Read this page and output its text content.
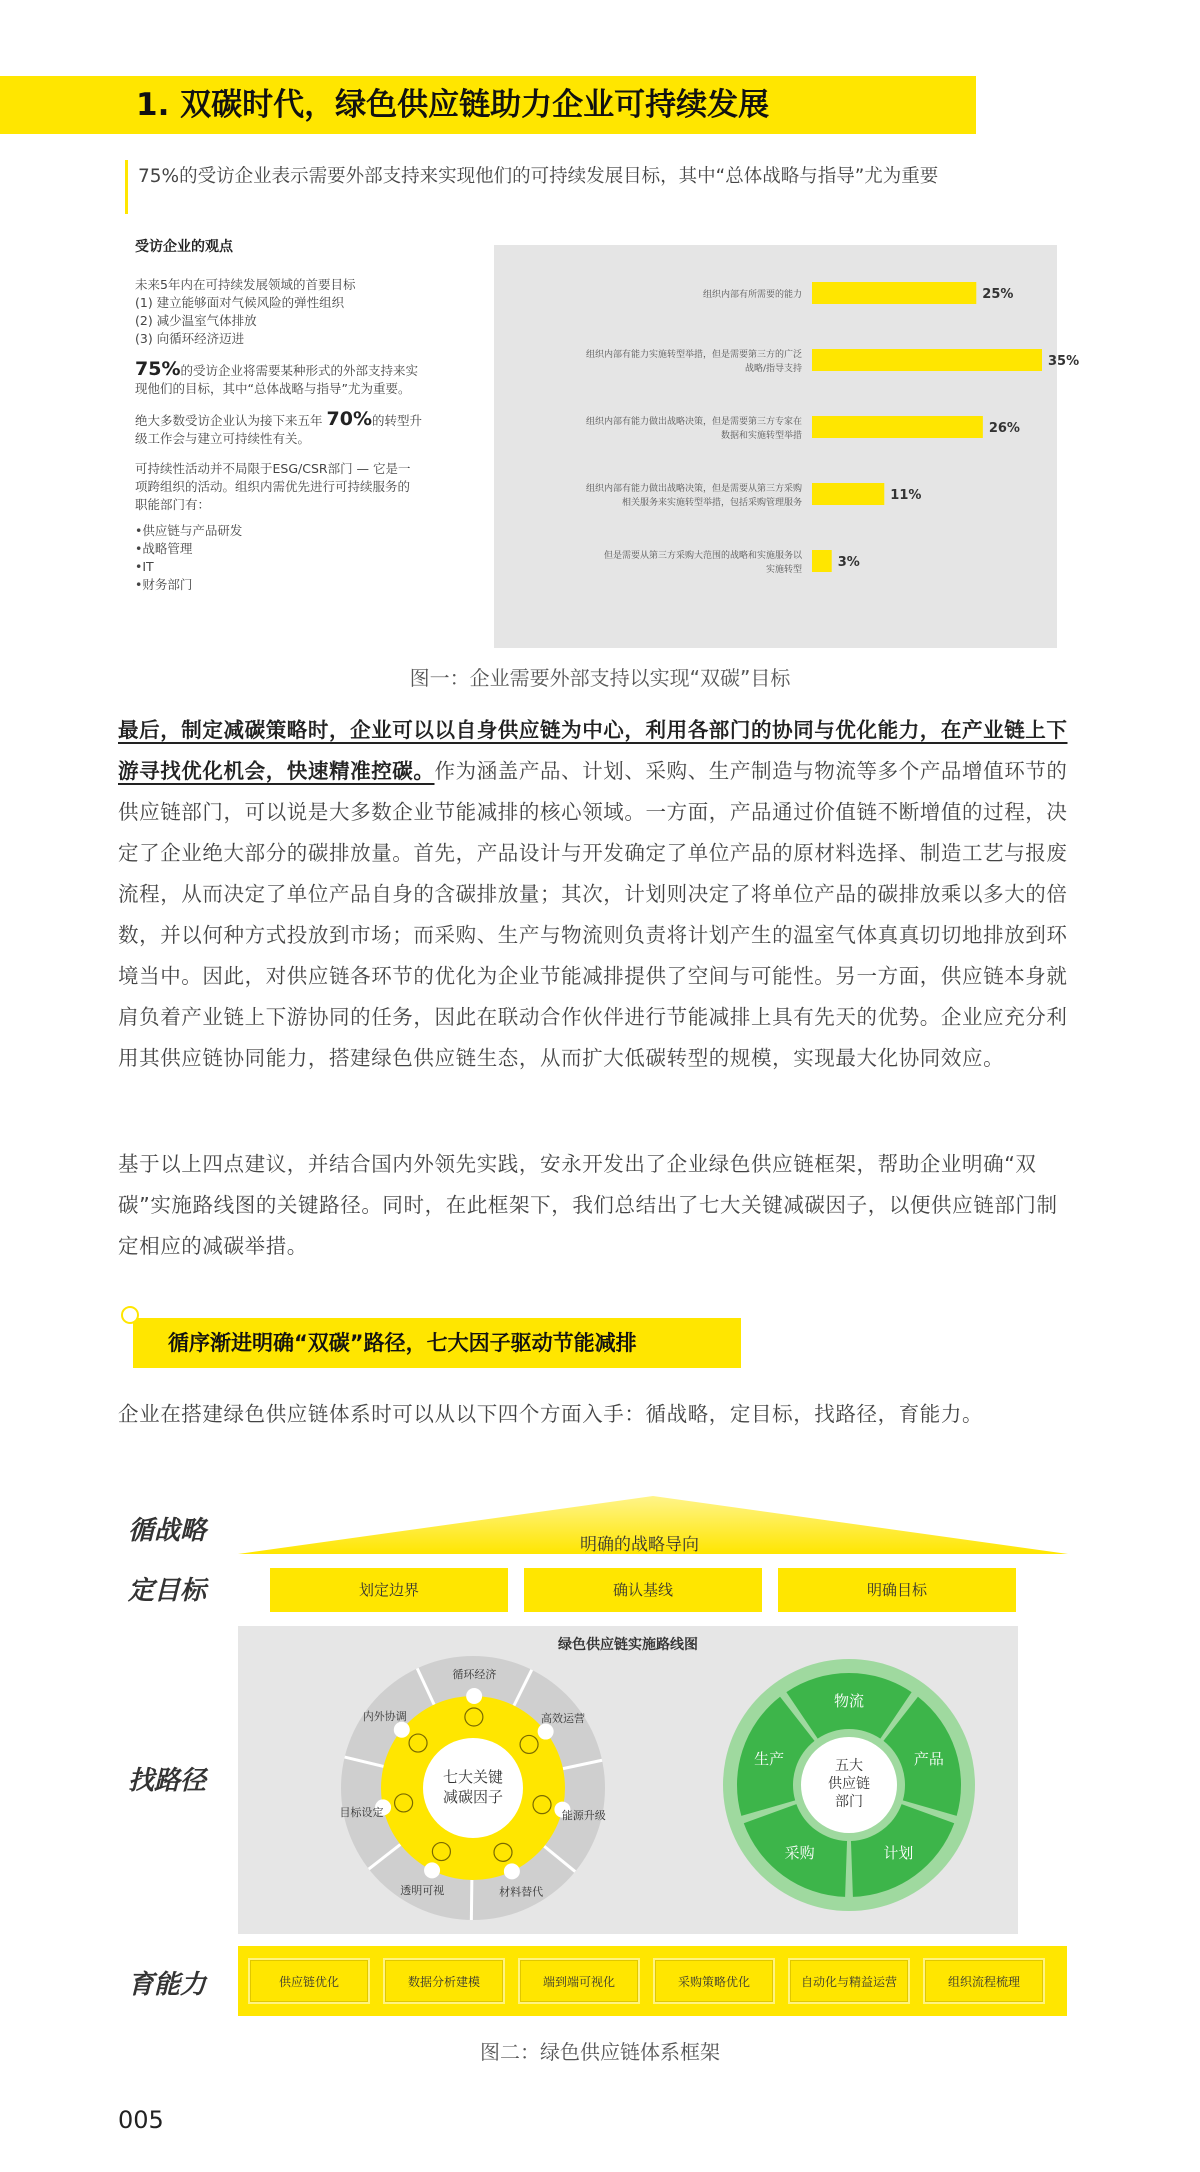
1. 双碳时代，绿色供应链助力企业可持续发展
75%的受访企业表示需要外部支持来实现他们的可持续发展目标，其中“总体战略与指导”尤为重要
受访企业的观点

未来5年内在可持续发展领域的首要目标
(1) 建立能够面对气候风险的弹性组织
(2) 减少温室气体排放
(3) 向循环经济迈进

75%的受访企业将需要某种形式的外部支持来实
现他们的目标，其中“总体战略与指导”尤为重要。

绝大多数受访企业认为接下来五年 70%的转型升
级工作会与建立可持续性有关。

可持续性活动并不局限于ESG/CSR部门 — 它是一
项跨组织的活动。组织内需优先进行可持续服务的
职能部门有：

•供应链与产品研发
•战略管理
•IT
•财务部门
组织内部有所需要的能力	25%
组织内部有能力实施转型举措，但是需要第三方的广泛
战略/指导支持	35%
组织内部有能力做出战略决策，但是需要第三方专家在
数据和实施转型举措	26%
组织内部有能力做出战略决策，但是需要从第三方采购
相关服务来实施转型举措，包括采购管理服务	11%
但是需要从第三方采购大范围的战略和实施服务以
实施转型	3%
图一：企业需要外部支持以实现“双碳”目标
最后，制定减碳策略时，企业可以以自身供应链为中心，利用各部门的协同与优化能力，在产业链上下游寻找优化机会，快速精准控碳。作为涵盖产品、计划、采购、生产制造与物流等多个产品增值环节的供应链部门，可以说是大多数企业节能减排的核心领域。一方面，产品通过价值链不断增值的过程，决定了企业绝大部分的碳排放量。首先，产品设计与开发确定了单位产品的原材料选择、制造工艺与报废流程，从而决定了单位产品自身的含碳排放量；其次，计划则决定了将单位产品的碳排放乘以多大的倍数，并以何种方式投放到市场；而采购、生产与物流则负责将计划产生的温室气体真真切切地排放到环境当中。因此，对供应链各环节的优化为企业节能减排提供了空间与可能性。另一方面，供应链本身就肩负着产业链上下游协同的任务，因此在联动合作伙伴进行节能减排上具有先天的优势。企业应充分利用其供应链协同能力，搭建绿色供应链生态，从而扩大低碳转型的规模，实现最大化协同效应。
基于以上四点建议，并结合国内外领先实践，安永开发出了企业绿色供应链框架，帮助企业明确“双碳”实施路线图的关键路径。同时，在此框架下，我们总结出了七大关键减碳因子，以便供应链部门制定相应的减碳举措。
循序渐进明确“双碳”路径，七大因子驱动节能减排
企业在搭建绿色供应链体系时可以从以下四个方面入手：循战略，定目标，找路径，育能力。
循战略
定目标
找路径
育能力
明确的战略导向
划定边界	确认基线	明确目标
绿色供应链实施路线图
七大关键
减碳因子
循环经济
高效运营
能源升级
材料替代
透明可视
目标设定
内外协调
五大
供应链
部门
产品
计划
采购
生产
物流
供应链优化	数据分析建模	端到端可视化	采购策略优化	自动化与精益运营	组织流程梳理
图二：绿色供应链体系框架
005
